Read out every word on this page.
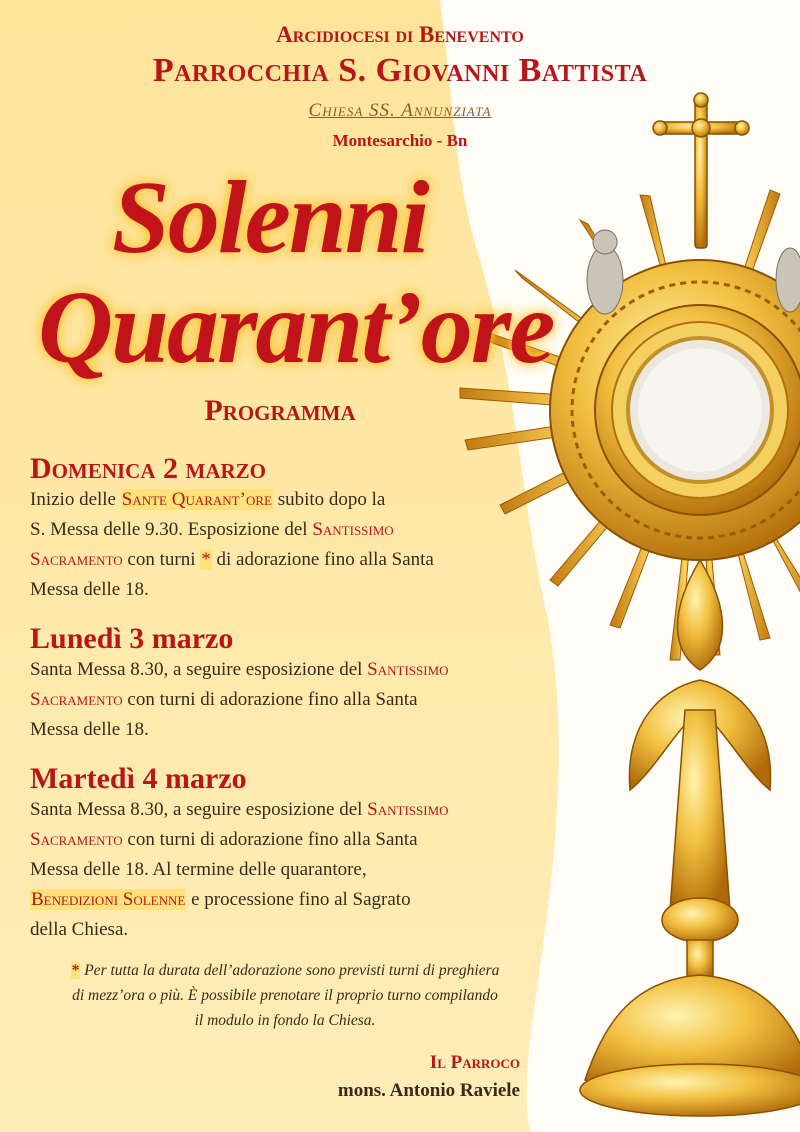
Arcidiocesi di Benevento
Parrocchia S. Giovanni Battista
Chiesa SS. Annunziata
Montesarchio - Bn
Solenni
Quarant’ore
Programma
Domenica 2 marzo
Inizio delle Sante Quarant’ore subito dopo la
S. Messa delle 9.30. Esposizione del Santissimo
Sacramento con turni * di adorazione fino alla Santa
Messa delle 18.
Lunedì 3 marzo
Santa Messa 8.30, a seguire esposizione del Santissimo
Sacramento con turni di adorazione fino alla Santa
Messa delle 18.
Martedì 4 marzo
Santa Messa 8.30, a seguire esposizione del Santissimo
Sacramento con turni di adorazione fino alla Santa
Messa delle 18. Al termine delle quarantore,
Benedizioni Solenne e processione fino al Sagrato
della Chiesa.
* Per tutta la durata dell’adorazione sono previsti turni di preghiera
di mezz’ora o più. È possibile prenotare il proprio turno compilando
il modulo in fondo la Chiesa.
Il Parroco
mons. Antonio Raviele
